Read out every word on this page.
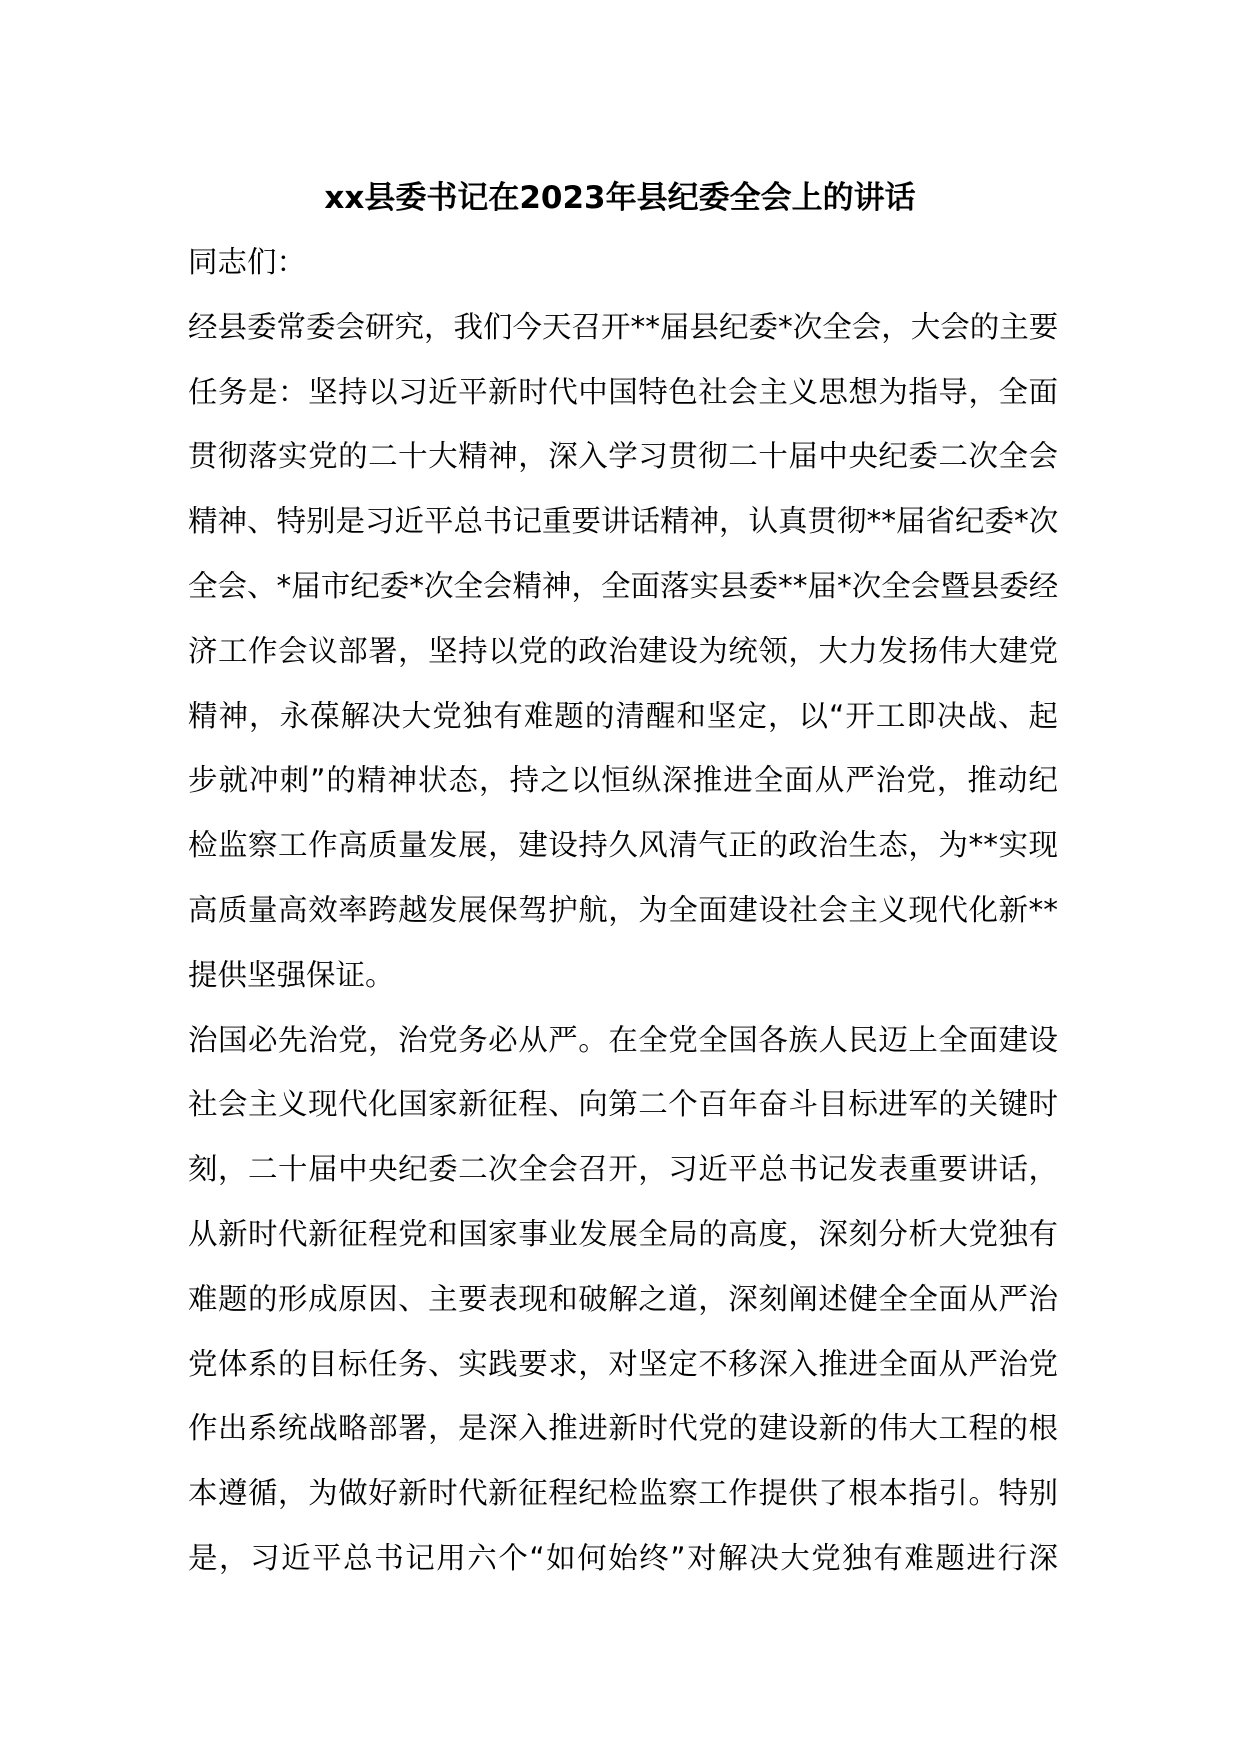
xx县委书记在2023年县纪委全会上的讲话
同志们：
经县委常委会研究，我们今天召开**届县纪委*次全会，大会的主要
任务是：坚持以习近平新时代中国特色社会主义思想为指导，全面
贯彻落实党的二十大精神，深入学习贯彻二十届中央纪委二次全会
精神、特别是习近平总书记重要讲话精神，认真贯彻**届省纪委*次
全会、*届市纪委*次全会精神，全面落实县委**届*次全会暨县委经
济工作会议部署，坚持以党的政治建设为统领，大力发扬伟大建党
精神，永葆解决大党独有难题的清醒和坚定，以“开工即决战、起
步就冲刺”的精神状态，持之以恒纵深推进全面从严治党，推动纪
检监察工作高质量发展，建设持久风清气正的政治生态，为**实现
高质量高效率跨越发展保驾护航，为全面建设社会主义现代化新**
提供坚强保证。
治国必先治党，治党务必从严。在全党全国各族人民迈上全面建设
社会主义现代化国家新征程、向第二个百年奋斗目标进军的关键时
刻，二十届中央纪委二次全会召开，习近平总书记发表重要讲话，
从新时代新征程党和国家事业发展全局的高度，深刻分析大党独有
难题的形成原因、主要表现和破解之道，深刻阐述健全全面从严治
党体系的目标任务、实践要求，对坚定不移深入推进全面从严治党
作出系统战略部署，是深入推进新时代党的建设新的伟大工程的根
本遵循，为做好新时代新征程纪检监察工作提供了根本指引。特别
是，习近平总书记用六个“如何始终”对解决大党独有难题进行深
